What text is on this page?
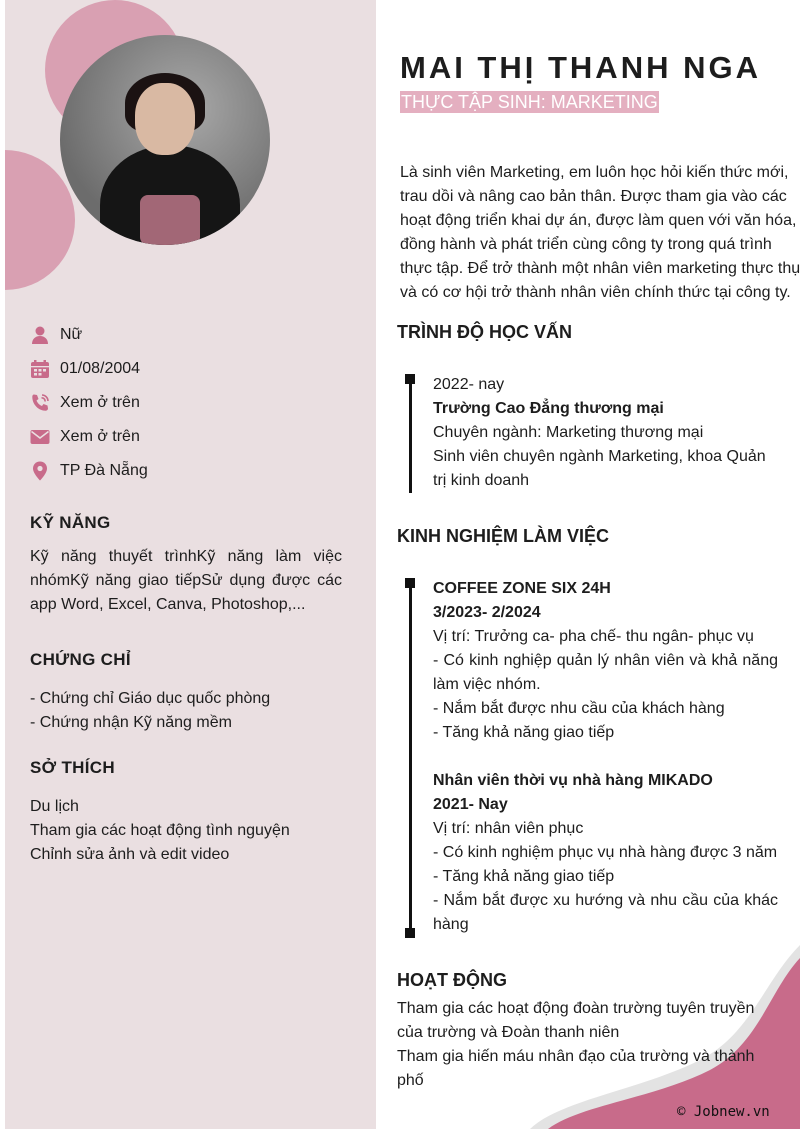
Nữ
01/08/2004
Xem ở trên
Xem ở trên
TP Đà Nẵng
KỸ NĂNG
Kỹ năng thuyết trìnhKỹ năng làm việc nhómKỹ năng giao tiếpSử dụng được các app Word, Excel, Canva, Photoshop,...
CHỨNG CHỈ
- Chứng chỉ Giáo dục quốc phòng
- Chứng nhận Kỹ năng mềm
SỞ THÍCH
Du lịch
Tham gia các hoạt động tình nguyện
Chỉnh sửa ảnh và edit video
MAI THỊ THANH NGA
THỰC TẬP SINH: MARKETING
Là sinh viên Marketing, em luôn học hỏi kiến thức mới,
trau dồi và nâng cao bản thân. Được tham gia vào các
hoạt động triển khai dự án, được làm quen với văn hóa,
đồng hành và phát triển cùng công ty trong quá trình
thực tập. Để trở thành một nhân viên marketing thực thụ
và có cơ hội trở thành nhân viên chính thức tại công ty.
TRÌNH ĐỘ HỌC VẤN
2022- nay
Trường Cao Đẳng thương mại
Chuyên ngành: Marketing thương mại
Sinh viên chuyên ngành Marketing, khoa Quản trị kinh doanh
KINH NGHIỆM LÀM VIỆC
COFFEE ZONE SIX 24H
3/2023- 2/2024
Vị trí: Trưởng ca- pha chế- thu ngân- phục vụ
- Có kinh nghiệp quản lý nhân viên và khả năng làm việc nhóm.
- Nắm bắt được nhu cầu của khách hàng
- Tăng khả năng giao tiếp
Nhân viên thời vụ nhà hàng MIKADO
2021- Nay
Vị trí: nhân viên phục
- Có kinh nghiệm phục vụ nhà hàng được 3 năm
- Tăng khả năng giao tiếp
- Nắm bắt được xu hướng và nhu cầu của khác hàng
HOẠT ĐỘNG
Tham gia các hoạt động đoàn trường tuyên truyền của trường và Đoàn thanh niên
Tham gia hiến máu nhân đạo của trường và thành phố
© Jobnew.vn
